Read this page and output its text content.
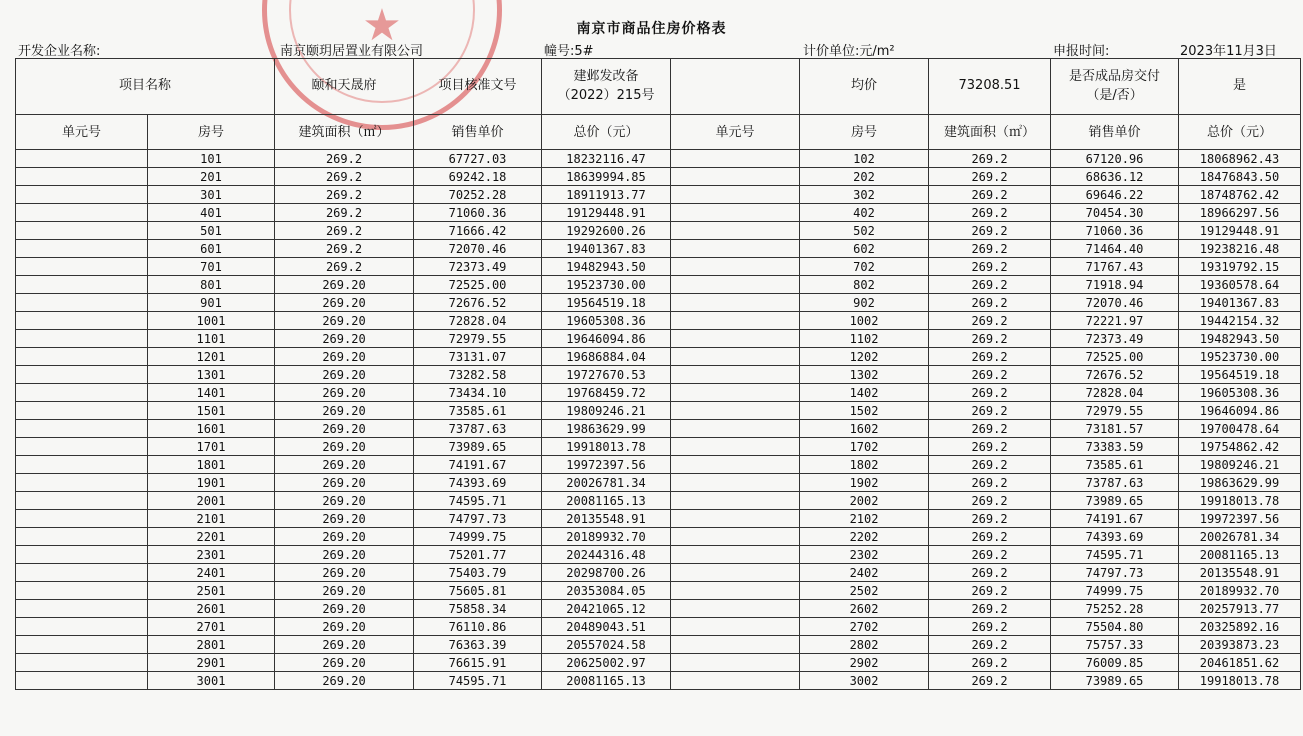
★	南京市商品住房价格表
开发企业名称:	南京颐玥居置业有限公司	幢号:5#	计价单位:元/m²	申报时间:	2023年11月3日
项目名称		颐和天晟府	项目核准文号	建邺发改备（2022）215号		均价	73208.51	是否成品房交付（是/否）	是
单元号	房号	建筑面积（㎡）	销售单价	总价（元）	单元号	房号	建筑面积（㎡）	销售单价	总价（元）
	101	269.2	67727.03	18232116.47		102	269.2	67120.96	18068962.43
	201	269.2	69242.18	18639994.85		202	269.2	68636.12	18476843.50
	301	269.2	70252.28	18911913.77		302	269.2	69646.22	18748762.42
	401	269.2	71060.36	19129448.91		402	269.2	70454.30	18966297.56
	501	269.2	71666.42	19292600.26		502	269.2	71060.36	19129448.91
	601	269.2	72070.46	19401367.83		602	269.2	71464.40	19238216.48
	701	269.2	72373.49	19482943.50		702	269.2	71767.43	19319792.15
	801	269.20	72525.00	19523730.00		802	269.2	71918.94	19360578.64
	901	269.20	72676.52	19564519.18		902	269.2	72070.46	19401367.83
	1001	269.20	72828.04	19605308.36		1002	269.2	72221.97	19442154.32
	1101	269.20	72979.55	19646094.86		1102	269.2	72373.49	19482943.50
	1201	269.20	73131.07	19686884.04		1202	269.2	72525.00	19523730.00
	1301	269.20	73282.58	19727670.53		1302	269.2	72676.52	19564519.18
	1401	269.20	73434.10	19768459.72		1402	269.2	72828.04	19605308.36
	1501	269.20	73585.61	19809246.21		1502	269.2	72979.55	19646094.86
	1601	269.20	73787.63	19863629.99		1602	269.2	73181.57	19700478.64
	1701	269.20	73989.65	19918013.78		1702	269.2	73383.59	19754862.42
	1801	269.20	74191.67	19972397.56		1802	269.2	73585.61	19809246.21
	1901	269.20	74393.69	20026781.34		1902	269.2	73787.63	19863629.99
	2001	269.20	74595.71	20081165.13		2002	269.2	73989.65	19918013.78
	2101	269.20	74797.73	20135548.91		2102	269.2	74191.67	19972397.56
	2201	269.20	74999.75	20189932.70		2202	269.2	74393.69	20026781.34
	2301	269.20	75201.77	20244316.48		2302	269.2	74595.71	20081165.13
	2401	269.20	75403.79	20298700.26		2402	269.2	74797.73	20135548.91
	2501	269.20	75605.81	20353084.05		2502	269.2	74999.75	20189932.70
	2601	269.20	75858.34	20421065.12		2602	269.2	75252.28	20257913.77
	2701	269.20	76110.86	20489043.51		2702	269.2	75504.80	20325892.16
	2801	269.20	76363.39	20557024.58		2802	269.2	75757.33	20393873.23
	2901	269.20	76615.91	20625002.97		2902	269.2	76009.85	20461851.62
	3001	269.20	74595.71	20081165.13		3002	269.2	73989.65	19918013.78
